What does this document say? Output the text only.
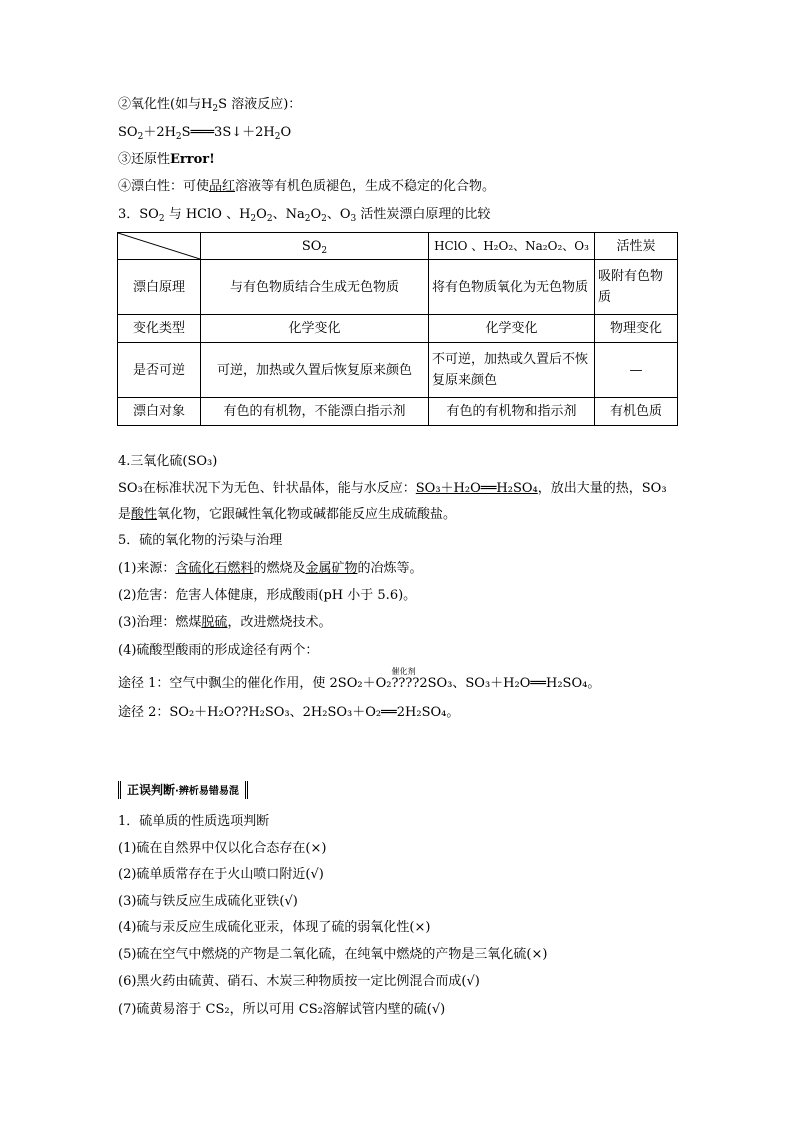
②氧化性(如与$H_2S$ 溶液反应)：
$SO_2+2H_2S═══3S↓+2H_2O$
③还原性Error!
④漂白性：可使品红溶液等有机色质褪色，生成不稳定的化合物。
3．$SO_2$ 与 HClO 、$H_2O_2$、$Na_2O_2$、$O_3$ 活性炭漂白原理的比较
	$SO_2$	HClO 、H₂O₂、Na₂O₂、O₃	活性炭
漂白原理	与有色物质结合生成无色物质	将有色物质氧化为无色物质	吸附有色物质
变化类型	化学变化	化学变化	物理变化
是否可逆	可逆，加热或久置后恢复原来颜色	不可逆，加热或久置后不恢复原来颜色	—
漂白对象	有色的有机物，不能漂白指示剂	有色的有机物和指示剂	有机色质
4.三氧化硫(SO₃)
SO₃在标准状况下为无色、针状晶体，能与水反应：SO₃＋H₂O══H₂SO₄，放出大量的热，SO₃
是酸性氧化物，它跟碱性氧化物或碱都能反应生成硫酸盐。
5．硫的氧化物的污染与治理
(1)来源：含硫化石燃料的燃烧及金属矿物的冶炼等。
(2)危害：危害人体健康，形成酸雨(pH 小于 5.6)。
(3)治理：燃煤脱硫，改进燃烧技术。
(4)硫酸型酸雨的形成途径有两个：
途径 1：空气中飘尘的催化作用，使 2SO₂＋O₂
催化剂
????2SO₃、SO₃＋H₂O══H₂SO₄。
途径 2：SO₂＋H₂O??H₂SO₃、2H₂SO₃＋O₂══2H₂SO₄。
正误判断·辨析易错易混
1．硫单质的性质选项判断
(1)硫在自然界中仅以化合态存在(×)
(2)硫单质常存在于火山喷口附近(√)
(3)硫与铁反应生成硫化亚铁(√)
(4)硫与汞反应生成硫化亚汞，体现了硫的弱氧化性(×)
(5)硫在空气中燃烧的产物是二氧化硫，在纯氧中燃烧的产物是三氧化硫(×)
(6)黑火药由硫黄、硝石、木炭三种物质按一定比例混合而成(√)
(7)硫黄易溶于 CS₂，所以可用 CS₂溶解试管内壁的硫(√)
